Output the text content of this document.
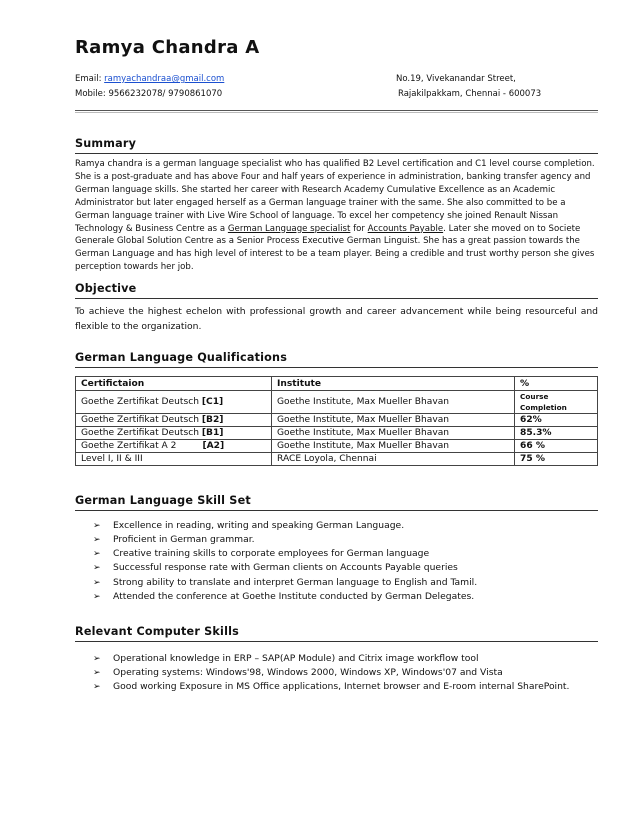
Ramya Chandra A
Email: ramyachandraa@gmail.com
Mobile: 9566232078/ 9790861070
No.19, Vivekanandar Street,
Rajakilpakkam, Chennai - 600073
Summary
Ramya chandra is a german language specialist who has qualified B2 Level certification and C1 level course completion. She is a post-graduate and has above Four and half years of experience in administration, banking transfer agency and German language skills. She started her career with Research Academy Cumulative Excellence as an Academic Administrator but later engaged herself as a German language trainer with the same. She also committed to be a German language trainer with Live Wire School of language. To excel her competency she joined Renault Nissan Technology & Business Centre as a German Language specialist for Accounts Payable. Later she moved on to Societe Generale Global Solution Centre as a Senior Process Executive German Linguist. She has a great passion towards the German Language and has high level of interest to be a team player. Being a credible and trust worthy person she gives perception towards her job.
Objective
To achieve the highest echelon with professional growth and career advancement while being resourceful and flexible to the organization.
German Language Qualifications
Certifictaion	Institute	%
Goethe Zertifikat Deutsch [C1]	Goethe Institute, Max Mueller Bhavan	Course Completion
Goethe Zertifikat Deutsch [B2]	Goethe Institute, Max Mueller Bhavan	62%
Goethe Zertifikat Deutsch [B1]	Goethe Institute, Max Mueller Bhavan	85.3%
Goethe Zertifikat A 2 [A2]	Goethe Institute, Max Mueller Bhavan	66 %
Level I, II & III	RACE Loyola, Chennai	75 %
German Language Skill Set
➢ Excellence in reading, writing and speaking German Language.
➢ Proficient in German grammar.
➢ Creative training skills to corporate employees for German language
➢ Successful response rate with German clients on Accounts Payable queries
➢ Strong ability to translate and interpret German language to English and Tamil.
➢ Attended the conference at Goethe Institute conducted by German Delegates.
Relevant Computer Skills
➢ Operational knowledge in ERP – SAP(AP Module) and Citrix image workflow tool
➢ Operating systems: Windows'98, Windows 2000, Windows XP, Windows'07 and Vista
➢ Good working Exposure in MS Office applications, Internet browser and E-room internal SharePoint.
